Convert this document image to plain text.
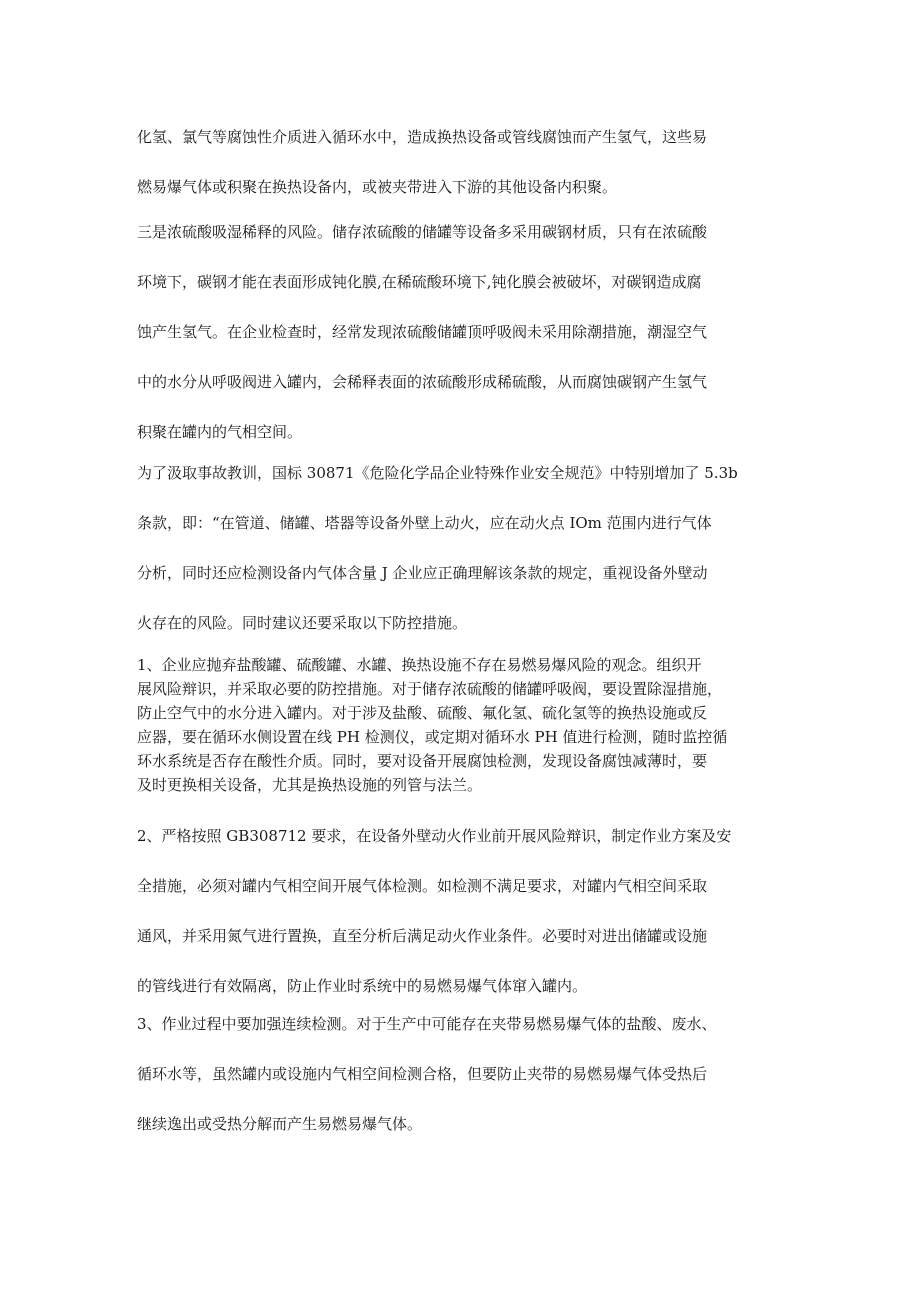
化氢、氯气等腐蚀性介质进入循环水中，造成换热设备或管线腐蚀而产生氢气，这些易
燃易爆气体或积聚在换热设备内，或被夹带进入下游的其他设备内积聚。
三是浓硫酸吸湿稀释的风险。储存浓硫酸的储罐等设备多采用碳钢材质，只有在浓硫酸
环境下，碳钢才能在表面形成钝化膜,在稀硫酸环境下,钝化膜会被破坏，对碳钢造成腐
蚀产生氢气。在企业检查时，经常发现浓硫酸储罐顶呼吸阀未采用除潮措施，潮湿空气
中的水分从呼吸阀进入罐内，会稀释表面的浓硫酸形成稀硫酸，从而腐蚀碳钢产生氢气
积聚在罐内的气相空间。
为了汲取事故教训，国标 30871《危险化学品企业特殊作业安全规范》中特别增加了 5.3b
条款，即：“在管道、储罐、塔器等设备外壁上动火，应在动火点 IOm 范围内进行气体
分析，同时还应检测设备内气体含量 J 企业应正确理解该条款的规定，重视设备外壁动
火存在的风险。同时建议还要采取以下防控措施。
1、企业应抛弃盐酸罐、硫酸罐、水罐、换热设施不存在易燃易爆风险的观念。组织开
展风险辩识，并采取必要的防控措施。对于储存浓硫酸的储罐呼吸阀，要设置除湿措施，
防止空气中的水分进入罐内。对于涉及盐酸、硫酸、氟化氢、硫化氢等的换热设施或反
应器，要在循环水侧设置在线 PH 检测仪，或定期对循环水 PH 值进行检测，随时监控循
环水系统是否存在酸性介质。同时，要对设备开展腐蚀检测，发现设备腐蚀减薄时，要
及时更换相关设备，尤其是换热设施的列管与法兰。
2、严格按照 GB308712 要求，在设备外壁动火作业前开展风险辩识，制定作业方案及安
全措施，必须对罐内气相空间开展气体检测。如检测不满足要求，对罐内气相空间采取
通风，并采用氮气进行置换，直至分析后满足动火作业条件。必要时对进出储罐或设施
的管线进行有效隔离，防止作业时系统中的易燃易爆气体窜入罐内。
3、作业过程中要加强连续检测。对于生产中可能存在夹带易燃易爆气体的盐酸、废水、
循环水等，虽然罐内或设施内气相空间检测合格，但要防止夹带的易燃易爆气体受热后
继续逸出或受热分解而产生易燃易爆气体。
